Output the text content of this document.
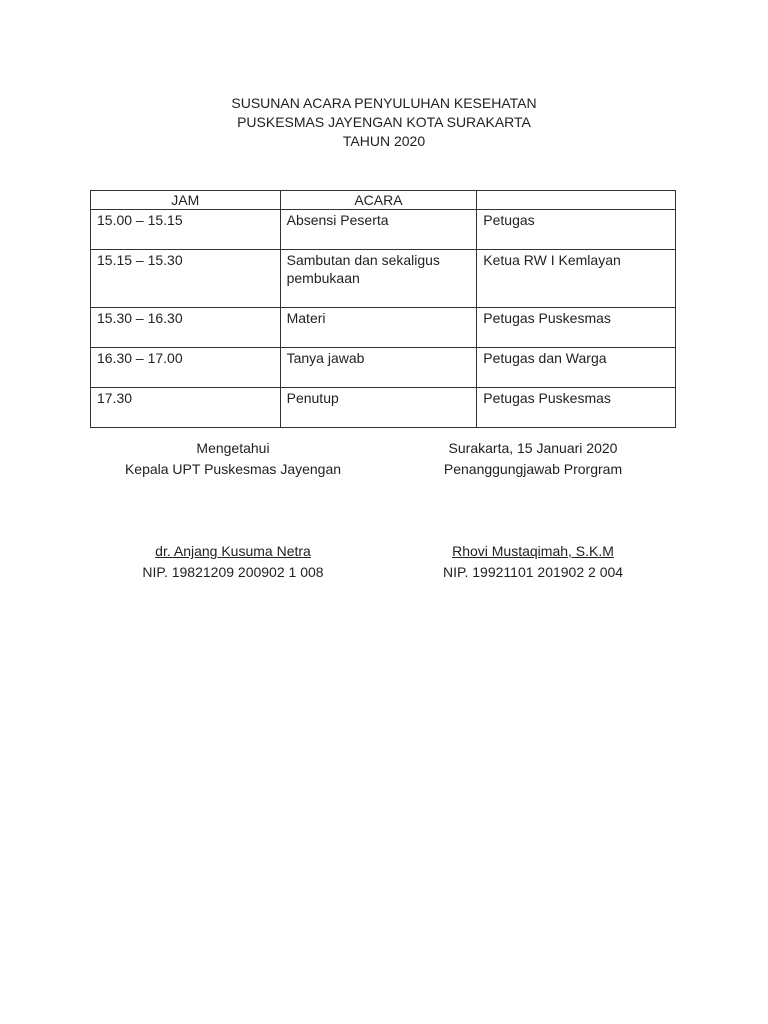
SUSUNAN ACARA PENYULUHAN KESEHATAN
PUSKESMAS JAYENGAN KOTA SURAKARTA
TAHUN 2020
JAM	ACARA	
15.00 – 15.15	Absensi Peserta	Petugas
15.15 – 15.30	Sambutan dan sekaligus pembukaan	Ketua RW I Kemlayan
15.30 – 16.30	Materi	Petugas Puskesmas
16.30 – 17.00	Tanya jawab	Petugas dan Warga
17.30	Penutup	Petugas Puskesmas
Mengetahui
Kepala UPT Puskesmas Jayengan
Surakarta, 15 Januari 2020
Penanggungjawab Prorgram
dr. Anjang Kusuma Netra
NIP. 19821209 200902 1 008
Rhovi Mustaqimah, S.K.M
NIP. 19921101 201902 2 004
